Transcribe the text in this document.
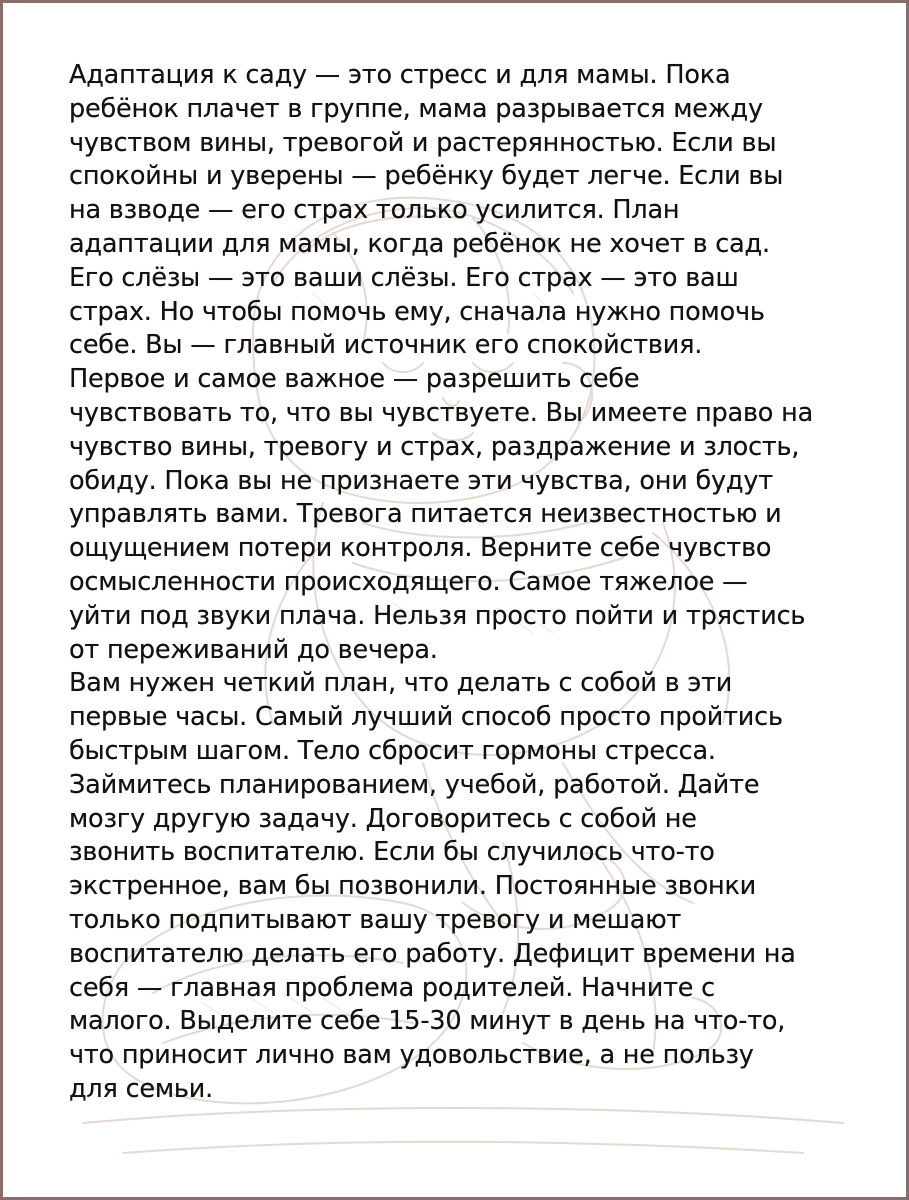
Адаптация к саду — это стресс и для мамы. Пока
ребёнок плачет в группе, мама разрывается между
чувством вины, тревогой и растерянностью. Если вы
спокойны и уверены — ребёнку будет легче. Если вы
на взводе — его страх только усилится. План
адаптации для мамы, когда ребёнок не хочет в сад.
Его слёзы — это ваши слёзы. Его страх — это ваш
страх. Но чтобы помочь ему, сначала нужно помочь
себе. Вы — главный источник его спокойствия.
Первое и самое важное — разрешить себе
чувствовать то, что вы чувствуете. Вы имеете право на
чувство вины, тревогу и страх, раздражение и злость,
обиду. Пока вы не признаете эти чувства, они будут
управлять вами. Тревога питается неизвестностью и
ощущением потери контроля. Верните себе чувство
осмысленности происходящего. Самое тяжелое —
уйти под звуки плача. Нельзя просто пойти и трястись
от переживаний до вечера.
Вам нужен четкий план, что делать с собой в эти
первые часы. Самый лучший способ просто пройтись
быстрым шагом. Тело сбросит гормоны стресса.
Займитесь планированием, учебой, работой. Дайте
мозгу другую задачу. Договоритесь с собой не
звонить воспитателю. Если бы случилось что-то
экстренное, вам бы позвонили. Постоянные звонки
только подпитывают вашу тревогу и мешают
воспитателю делать его работу. Дефицит времени на
себя — главная проблема родителей. Начните с
малого. Выделите себе 15-30 минут в день на что-то,
что приносит лично вам удовольствие, а не пользу
для семьи.
